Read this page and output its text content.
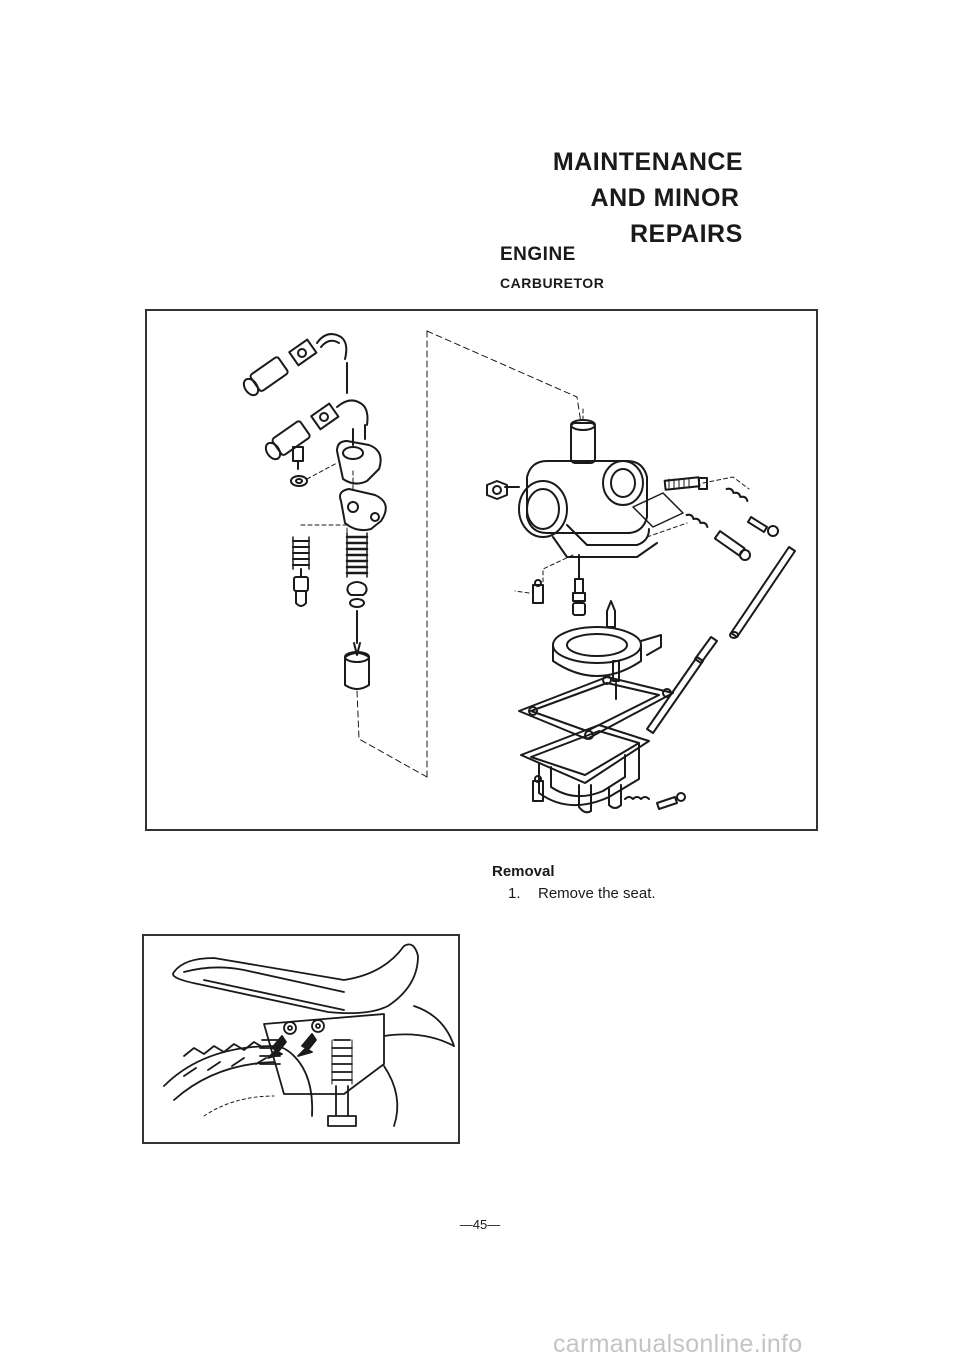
MAINTENANCE
AND MINOR
REPAIRS
ENGINE
CARBURETOR
Removal
1. Remove the seat.
—45—
carmanualsonline.info
